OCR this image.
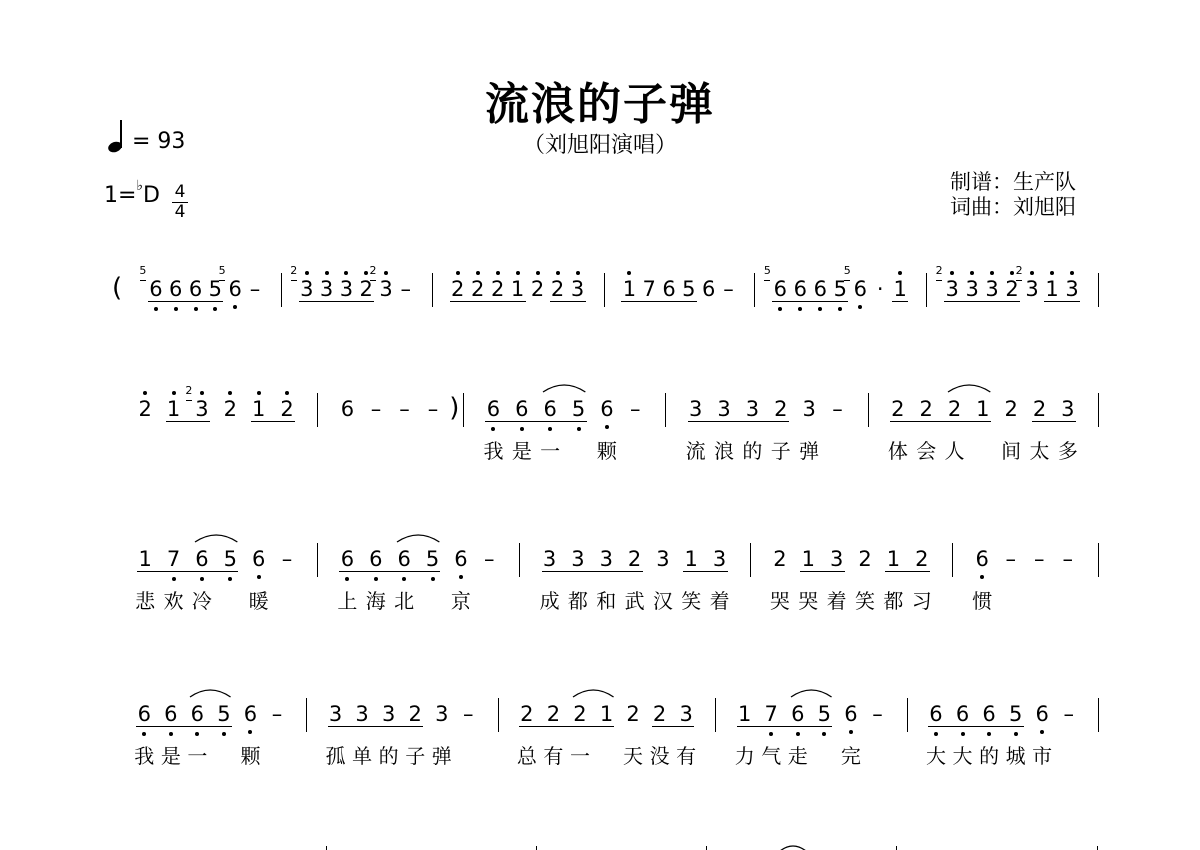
流浪的子弹
（刘旭阳演唱）
= 93
1=♭D 4
4
制谱：生产队
词曲：刘旭阳
( 6
5
6 6 5 6
5
– 3
2
3 3 2 3
2
– 2 2 2 1 2 2 3 1 7 6 5 6 – 6
5
6 6 5 6
5
· 1 3
2
3 3 2 3
2
1 3
2 1 3
2
2 1 2 6 – – – ) 6
我
6
是
6
一
5 6
颗
– 3
流
3
浪
3
的
2
子
3
弹
– 2
体
2
会
2
人
1 2
间
2
太
3
多
1
悲
7
欢
6
冷
5 6
暖
– 6
上
6
海
6
北
5 6
京
– 3
成
3
都
3
和
2
武
3
汉
1
笑
3
着
2
哭
1
哭
3
着
2
笑
1
都
2
习
6
惯
– – –
6
我
6
是
6
一
5 6
颗
– 3
孤
3
单
3
的
2
子
3
弹
– 2
总
2
有
2
一
1 2
天
2
没
3
有
1
力
7
气
6
走
5 6
完
– 6
大
6
大
6
的
5
城
6
市
–
